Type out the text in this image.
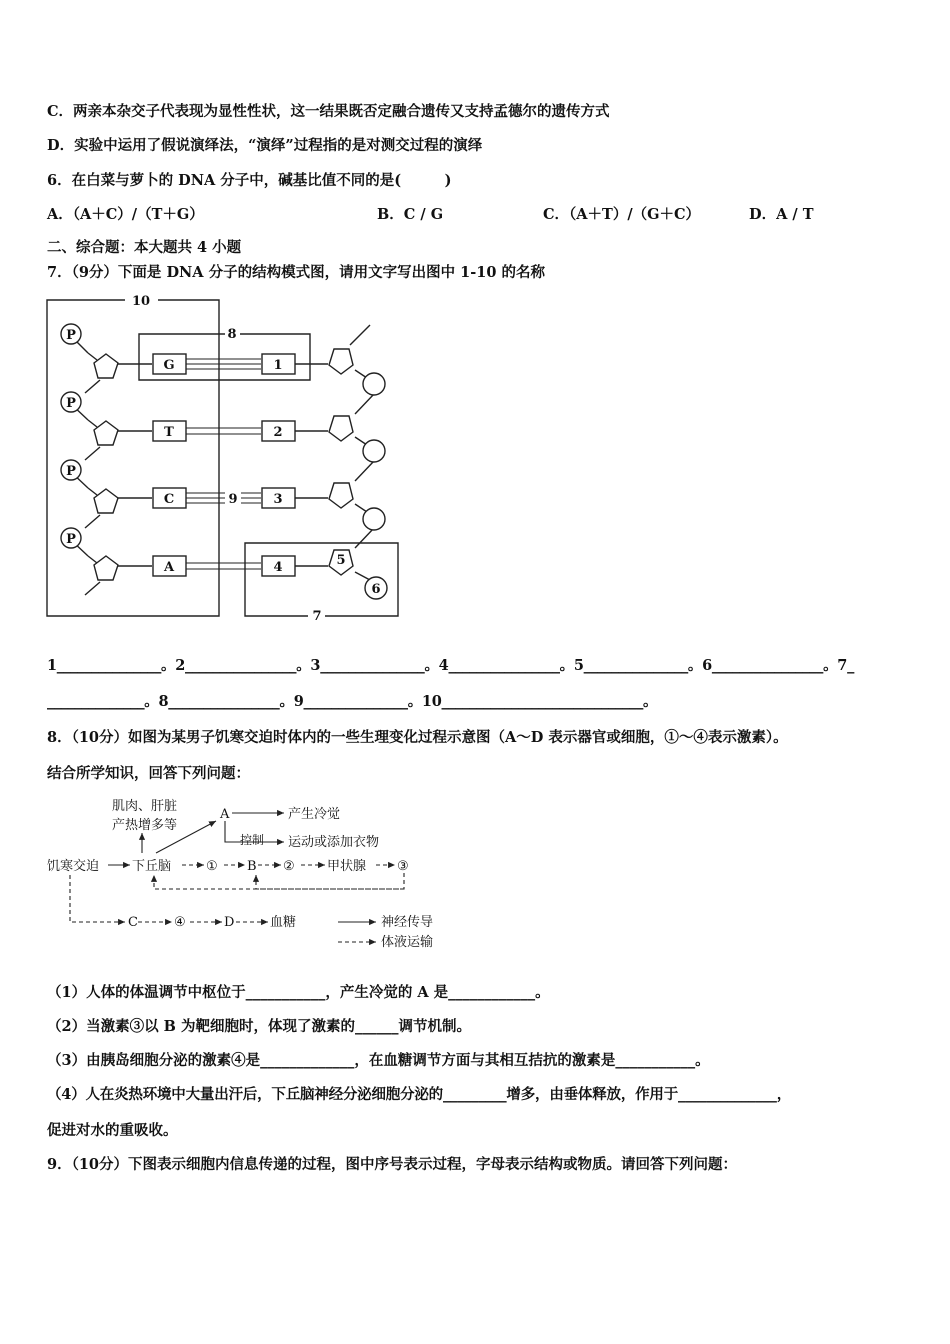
C．两亲本杂交子代表现为显性性状，这一结果既否定融合遗传又支持孟德尔的遗传方式
D．实验中运用了假说演绎法，“演绎”过程指的是对测交过程的演绎
6．在白菜与萝卜的 DNA 分子中，碱基比值不同的是(　　　)
A．（A＋C）/（T＋G）	B．C / G	C．（A＋T）/（G＋C）	D．A / T
二、综合题：本大题共 4 小题
7．（9分）下面是 DNA 分子的结构模式图，请用文字写出图中 1-10 的名称
P
P
P
P
G
T
C
A
1
2
3
4
10
8
9
5
6
7
1_______________。2________________。3_______________。4________________。5_______________。6________________。7_
______________。8________________。9_______________。10_____________________________。
8．（10分）如图为某男子饥寒交迫时体内的一些生理变化过程示意图（A～D 表示器官或细胞，①～④表示激素）。
结合所学知识，回答下列问题：
肌肉、肝脏
产热增多等
A	产生冷觉
控制 运动或添加衣物
饥寒交迫	下丘脑	① B ② 甲状腺 ③
C	④	D	血糖	神经传导
体液运输
（1）人体的体温调节中枢位于___________，产生冷觉的 A 是____________。
（2）当激素③以 B 为靶细胞时，体现了激素的______调节机制。
（3）由胰岛细胞分泌的激素④是_____________，在血糖调节方面与其相互拮抗的激素是___________。
（4）人在炎热环境中大量出汗后，下丘脑神经分泌细胞分泌的_________增多，由垂体释放，作用于______________，
促进对水的重吸收。
9．（10分）下图表示细胞内信息传递的过程，图中序号表示过程，字母表示结构或物质。请回答下列问题：
